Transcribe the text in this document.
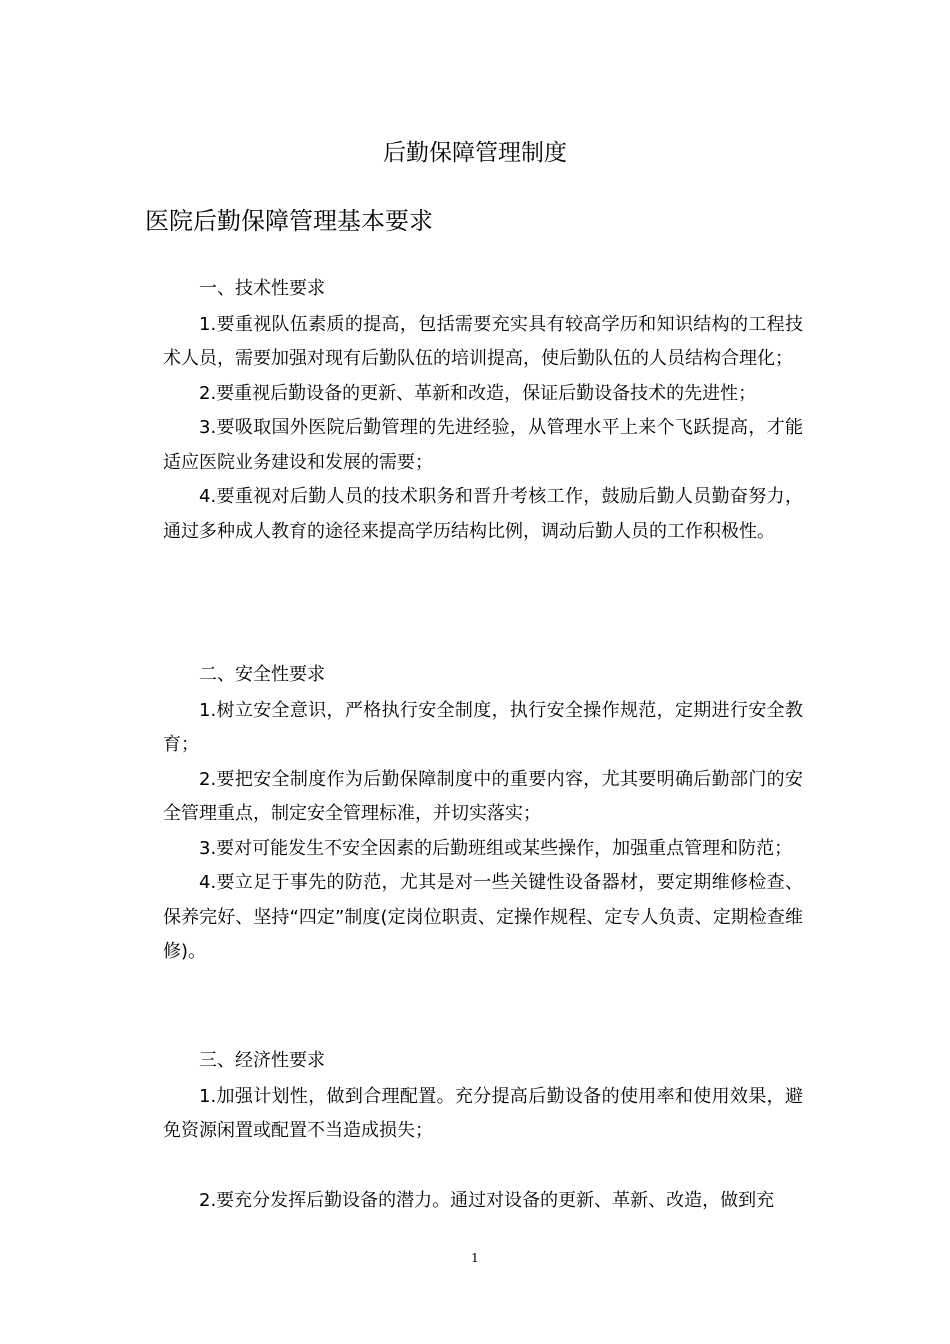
后勤保障管理制度
医院后勤保障管理基本要求

一、技术性要求

1.要重视队伍素质的提高，包括需要充实具有较高学历和知识结构的工程技术人员，需要加强对现有后勤队伍的培训提高，使后勤队伍的人员结构合理化；

2.要重视后勤设备的更新、革新和改造，保证后勤设备技术的先进性；

3.要吸取国外医院后勤管理的先进经验，从管理水平上来个飞跃提高，才能适应医院业务建设和发展的需要；

4.要重视对后勤人员的技术职务和晋升考核工作，鼓励后勤人员勤奋努力，通过多种成人教育的途径来提高学历结构比例，调动后勤人员的工作积极性。

二、安全性要求

1.树立安全意识，严格执行安全制度，执行安全操作规范，定期进行安全教育；

2.要把安全制度作为后勤保障制度中的重要内容，尤其要明确后勤部门的安全管理重点，制定安全管理标准，并切实落实；

3.要对可能发生不安全因素的后勤班组或某些操作，加强重点管理和防范；

4.要立足于事先的防范，尤其是对一些关键性设备器材，要定期维修检查、保养完好、坚持“四定”制度(定岗位职责、定操作规程、定专人负责、定期检查维修)。

三、经济性要求

1.加强计划性，做到合理配置。充分提高后勤设备的使用率和使用效果，避免资源闲置或配置不当造成损失；

2.要充分发挥后勤设备的潜力。通过对设备的更新、革新、改造，做到充

1
